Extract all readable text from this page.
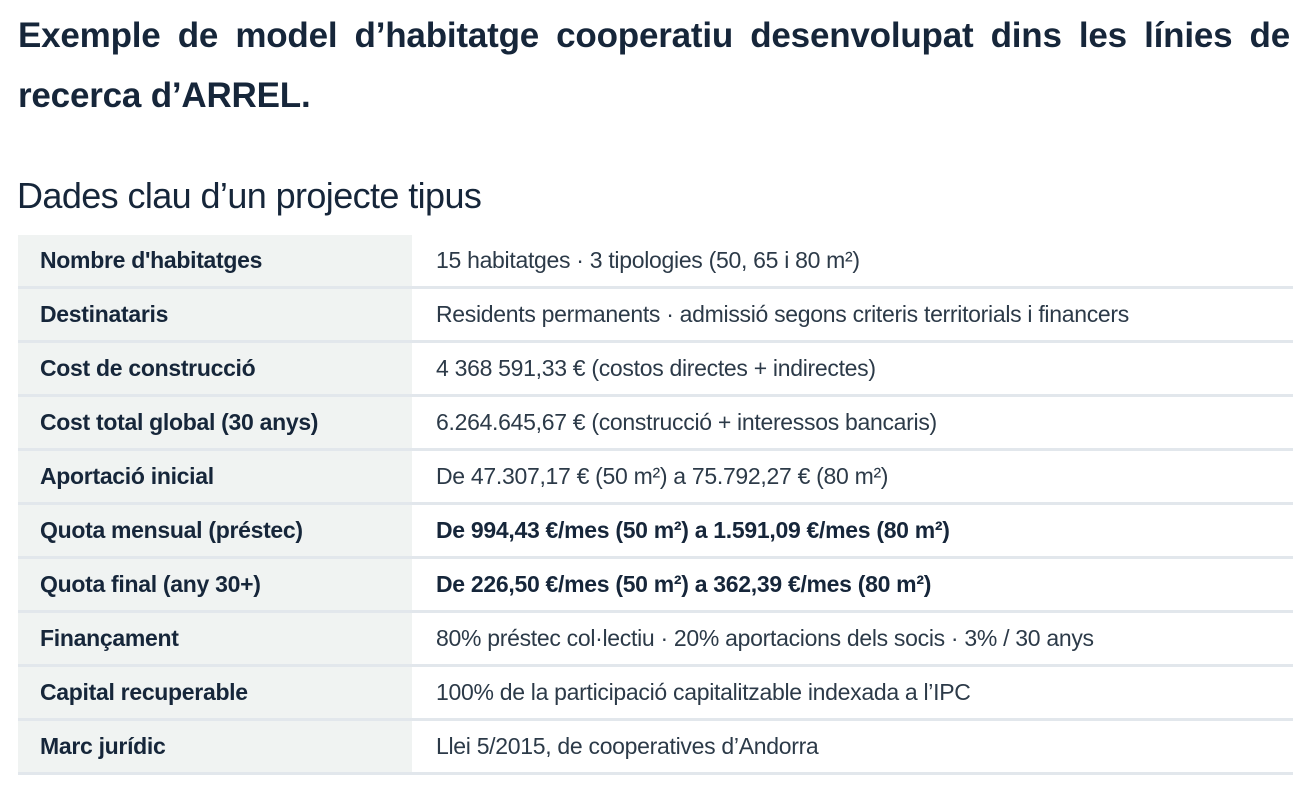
Exemple de model d’habitatge cooperatiu desenvolupat dins les línies de recerca d’ARREL.
Dades clau d’un projecte tipus
Nombre d'habitatges	15 habitatges · 3 tipologies (50, 65 i 80 m²)
Destinataris	Residents permanents · admissió segons criteris territorials i financers
Cost de construcció	4 368 591,33 € (costos directes + indirectes)
Cost total global (30 anys)	6.264.645,67 € (construcció + interessos bancaris)
Aportació inicial	De 47.307,17 € (50 m²) a 75.792,27 € (80 m²)
Quota mensual (préstec)	De 994,43 €/mes (50 m²) a 1.591,09 €/mes (80 m²)
Quota final (any 30+)	De 226,50 €/mes (50 m²) a 362,39 €/mes (80 m²)
Finançament	80% préstec col·lectiu · 20% aportacions dels socis · 3% / 30 anys
Capital recuperable	100% de la participació capitalitzable indexada a l’IPC
Marc jurídic	Llei 5/2015, de cooperatives d’Andorra
